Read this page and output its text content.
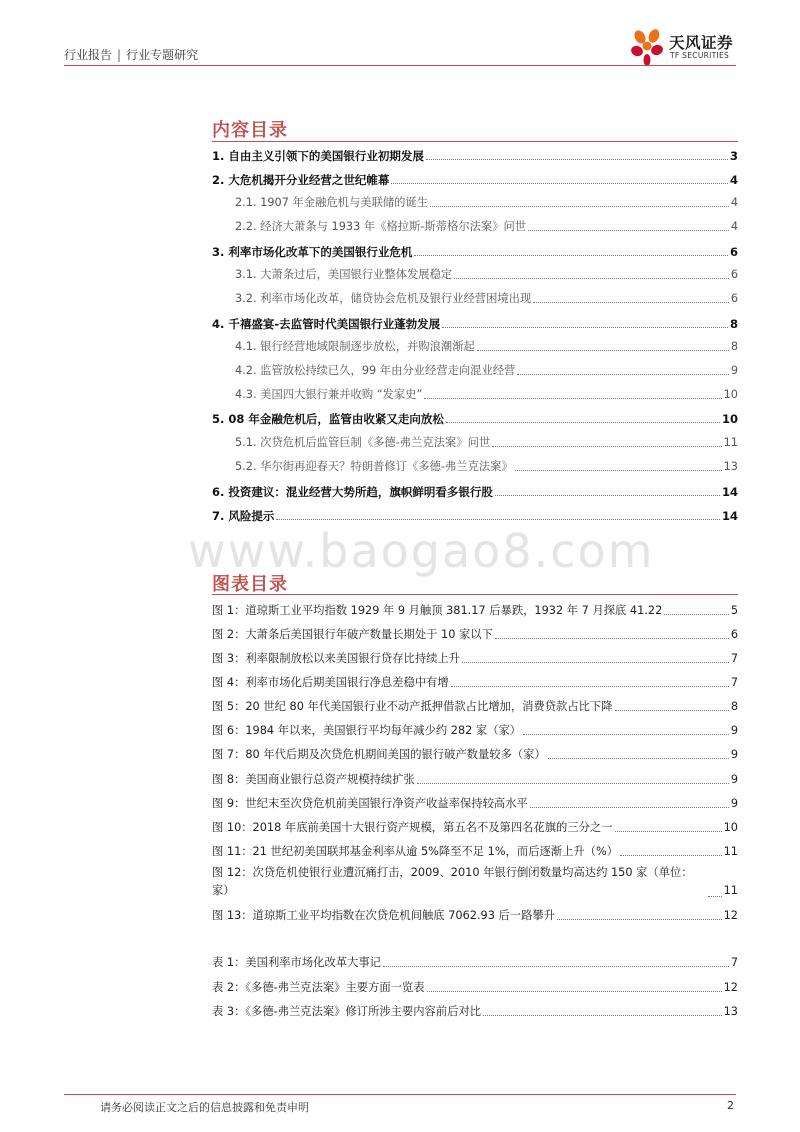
行业报告 | 行业专题研究
天风证券
TF SECURITIES
内容目录
1. 自由主义引领下的美国银行业初期发展	3
2. 大危机揭开分业经营之世纪帷幕	4
2.1. 1907 年金融危机与美联储的诞生	4
2.2. 经济大萧条与 1933 年《格拉斯-斯蒂格尔法案》问世	4
3. 利率市场化改革下的美国银行业危机	6
3.1. 大萧条过后，美国银行业整体发展稳定	6
3.2. 利率市场化改革，储贷协会危机及银行业经营困境出现	6
4. 千禧盛宴-去监管时代美国银行业蓬勃发展	8
4.1. 银行经营地域限制逐步放松，并购浪潮渐起	8
4.2. 监管放松持续已久，99 年由分业经营走向混业经营	9
4.3. 美国四大银行兼并收购 “发家史”	10
5. 08 年金融危机后，监管由收紧又走向放松	10
5.1. 次贷危机后监管巨制《多德-弗兰克法案》问世	11
5.2. 华尔街再迎春天？特朗普修订《多德-弗兰克法案》	13
6. 投资建议：混业经营大势所趋，旗帜鲜明看多银行股	14
7. 风险提示	14
www.baogao8.com
图表目录
图 1：道琼斯工业平均指数 1929 年 9 月触顶 381.17 后暴跌，1932 年 7 月探底 41.22	5
图 2：大萧条后美国银行年破产数量长期处于 10 家以下	6
图 3：利率限制放松以来美国银行贷存比持续上升	7
图 4：利率市场化后期美国银行净息差稳中有增	7
图 5：20 世纪 80 年代美国银行业不动产抵押借款占比增加，消费贷款占比下降	8
图 6：1984 年以来，美国银行平均每年减少约 282 家（家）	9
图 7：80 年代后期及次贷危机期间美国的银行破产数量较多（家）	9
图 8：美国商业银行总资产规模持续扩张	9
图 9：世纪末至次贷危机前美国银行净资产收益率保持较高水平	9
图 10：2018 年底前美国十大银行资产规模，第五名不及第四名花旗的三分之一	10
图 11：21 世纪初美国联邦基金利率从逾 5%降至不足 1%，而后逐渐上升（%）	11
图 12：次贷危机使银行业遭沉痛打击，2009、2010 年银行倒闭数量均高达约 150 家（单位：家）	11
图 13：道琼斯工业平均指数在次贷危机间触底 7062.93 后一路攀升	12
表 1：美国利率市场化改革大事记	7
表 2：《多德-弗兰克法案》主要方面一览表	12
表 3：《多德-弗兰克法案》修订所涉主要内容前后对比	13
请务必阅读正文之后的信息披露和免责申明	2
